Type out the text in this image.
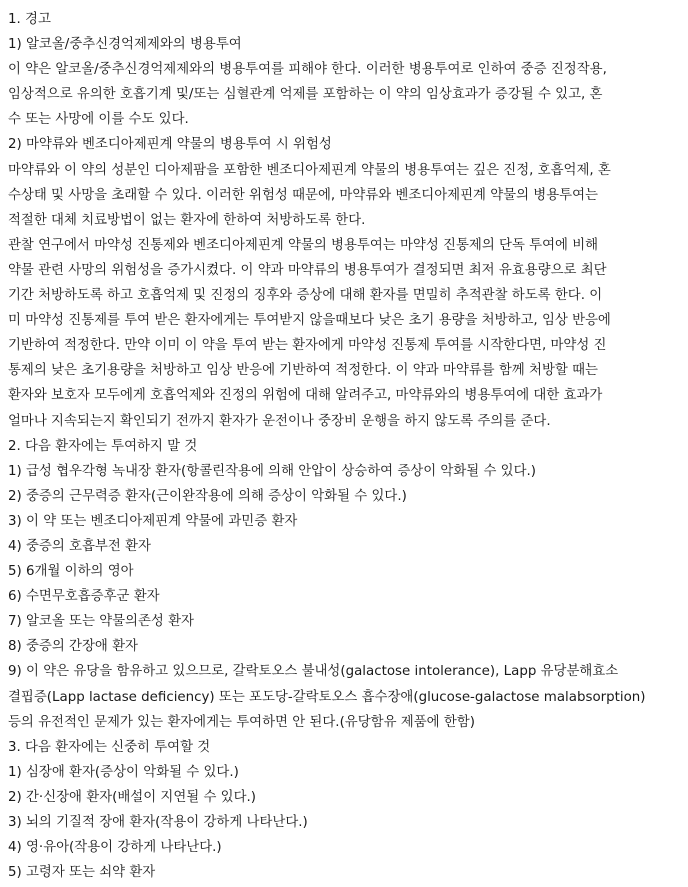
1. 경고
1) 알코올/중추신경억제제와의 병용투여
이 약은 알코올/중추신경억제제와의 병용투여를 피해야 한다. 이러한 병용투여로 인하여 중증 진정작용,
임상적으로 유의한 호흡기계 및/또는 심혈관계 억제를 포함하는 이 약의 임상효과가 증강될 수 있고, 혼
수 또는 사망에 이를 수도 있다.
2) 마약류와 벤조디아제핀계 약물의 병용투여 시 위험성
마약류와 이 약의 성분인 디아제팜을 포함한 벤조디아제핀계 약물의 병용투여는 깊은 진정, 호흡억제, 혼
수상태 및 사망을 초래할 수 있다. 이러한 위험성 때문에, 마약류와 벤조디아제핀계 약물의 병용투여는
적절한 대체 치료방법이 없는 환자에 한하여 처방하도록 한다.
관찰 연구에서 마약성 진통제와 벤조디아제핀계 약물의 병용투여는 마약성 진통제의 단독 투여에 비해
약물 관련 사망의 위험성을 증가시켰다. 이 약과 마약류의 병용투여가 결정되면 최저 유효용량으로 최단
기간 처방하도록 하고 호흡억제 및 진정의 징후와 증상에 대해 환자를 면밀히 추적관찰 하도록 한다. 이
미 마약성 진통제를 투여 받은 환자에게는 투여받지 않을때보다 낮은 초기 용량을 처방하고, 임상 반응에
기반하여 적정한다. 만약 이미 이 약을 투여 받는 환자에게 마약성 진통제 투여를 시작한다면, 마약성 진
통제의 낮은 초기용량을 처방하고 임상 반응에 기반하여 적정한다. 이 약과 마약류를 함께 처방할 때는
환자와 보호자 모두에게 호흡억제와 진정의 위험에 대해 알려주고, 마약류와의 병용투여에 대한 효과가
얼마나 지속되는지 확인되기 전까지 환자가 운전이나 중장비 운행을 하지 않도록 주의를 준다.
2. 다음 환자에는 투여하지 말 것
1) 급성 협우각형 녹내장 환자(항콜린작용에 의해 안압이 상승하여 증상이 악화될 수 있다.)
2) 중증의 근무력증 환자(근이완작용에 의해 증상이 악화될 수 있다.)
3) 이 약 또는 벤조디아제핀계 약물에 과민증 환자
4) 중증의 호흡부전 환자
5) 6개월 이하의 영아
6) 수면무호흡증후군 환자
7) 알코올 또는 약물의존성 환자
8) 중증의 간장애 환자
9) 이 약은 유당을 함유하고 있으므로, 갈락토오스 불내성(galactose intolerance), Lapp 유당분해효소
결핍증(Lapp lactase deficiency) 또는 포도당-갈락토오스 흡수장애(glucose-galactose malabsorption)
등의 유전적인 문제가 있는 환자에게는 투여하면 안 된다.(유당함유 제품에 한함)
3. 다음 환자에는 신중히 투여할 것
1) 심장애 환자(증상이 악화될 수 있다.)
2) 간·신장애 환자(배설이 지연될 수 있다.)
3) 뇌의 기질적 장애 환자(작용이 강하게 나타난다.)
4) 영·유아(작용이 강하게 나타난다.)
5) 고령자 또는 쇠약 환자
